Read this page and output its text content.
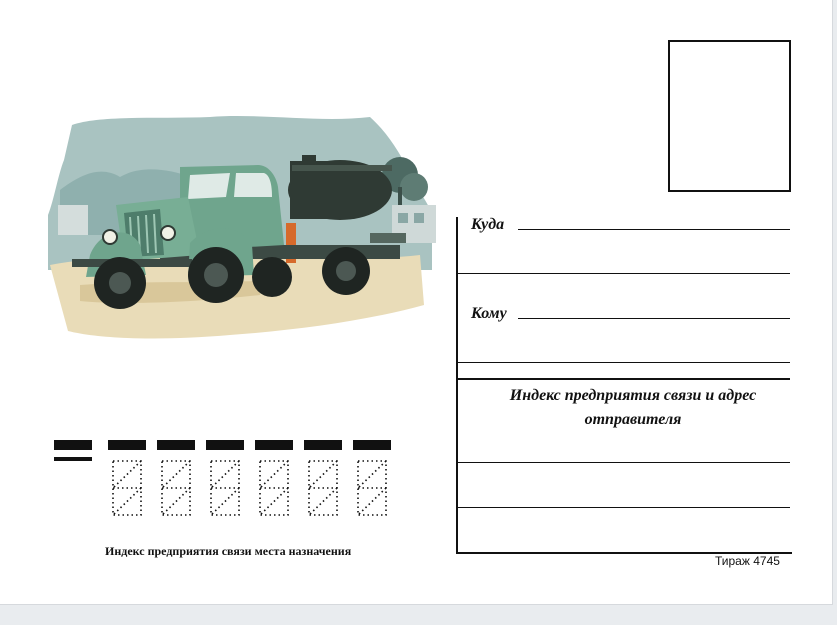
Куда
Кому
Индекс предприятия связи и адрес отправителя
Индекс предприятия связи места назначения
Тираж 4745
